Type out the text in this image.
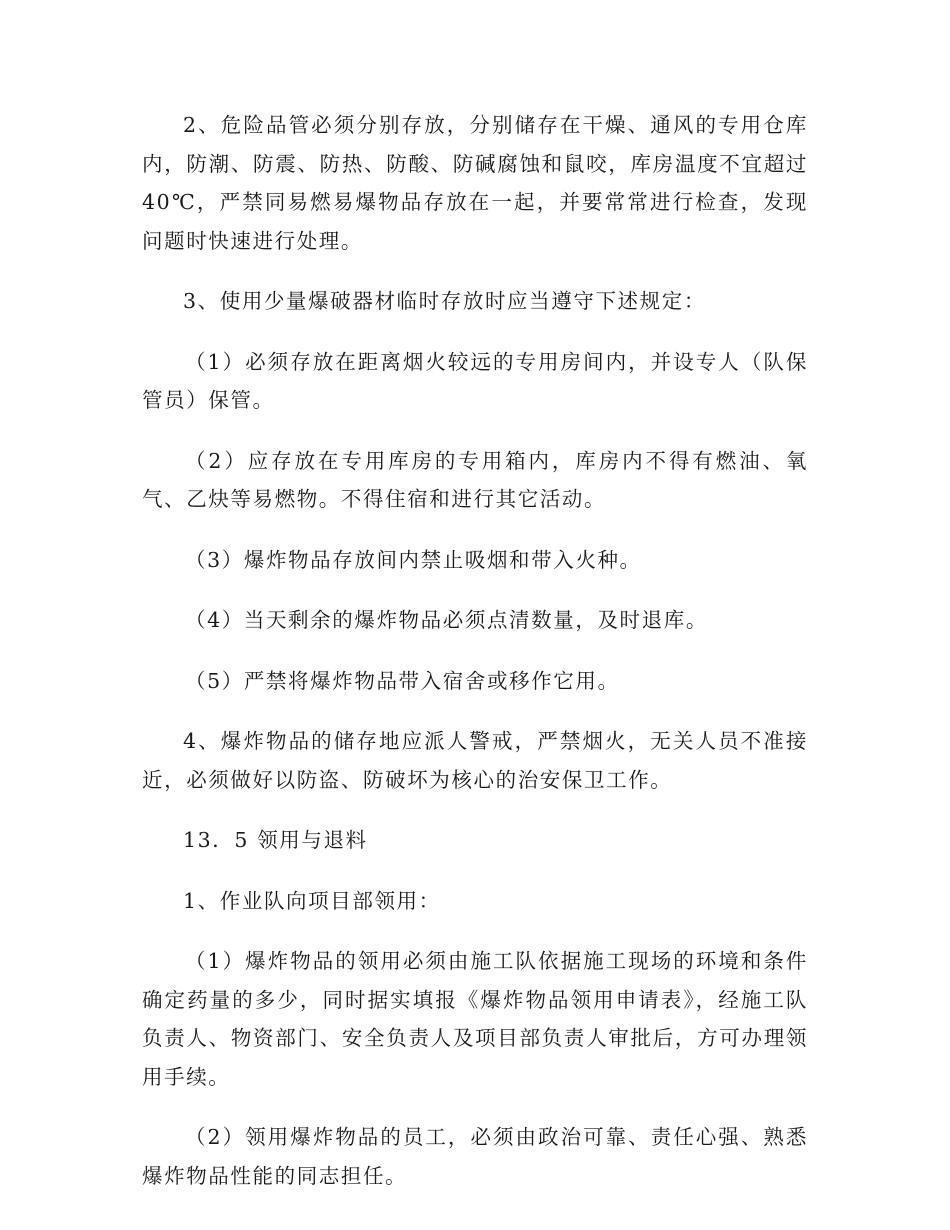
2、危险品管必须分别存放，分别储存在干燥、通风的专用仓库内，防潮、防震、防热、防酸、防碱腐蚀和鼠咬，库房温度不宜超过40℃，严禁同易燃易爆物品存放在一起，并要常常进行检查，发现问题时快速进行处理。

3、使用少量爆破器材临时存放时应当遵守下述规定：

（1）必须存放在距离烟火较远的专用房间内，并设专人（队保管员）保管。

（2）应存放在专用库房的专用箱内，库房内不得有燃油、氧气、乙炔等易燃物。不得住宿和进行其它活动。

（3）爆炸物品存放间内禁止吸烟和带入火种。

（4）当天剩余的爆炸物品必须点清数量，及时退库。

（5）严禁将爆炸物品带入宿舍或移作它用。

4、爆炸物品的储存地应派人警戒，严禁烟火，无关人员不准接近，必须做好以防盗、防破坏为核心的治安保卫工作。

13．5 领用与退料

1、作业队向项目部领用：

（1）爆炸物品的领用必须由施工队依据施工现场的环境和条件确定药量的多少，同时据实填报《爆炸物品领用申请表》，经施工队负责人、物资部门、安全负责人及项目部负责人审批后，方可办理领用手续。

（2）领用爆炸物品的员工，必须由政治可靠、责任心强、熟悉爆炸物品性能的同志担任。
